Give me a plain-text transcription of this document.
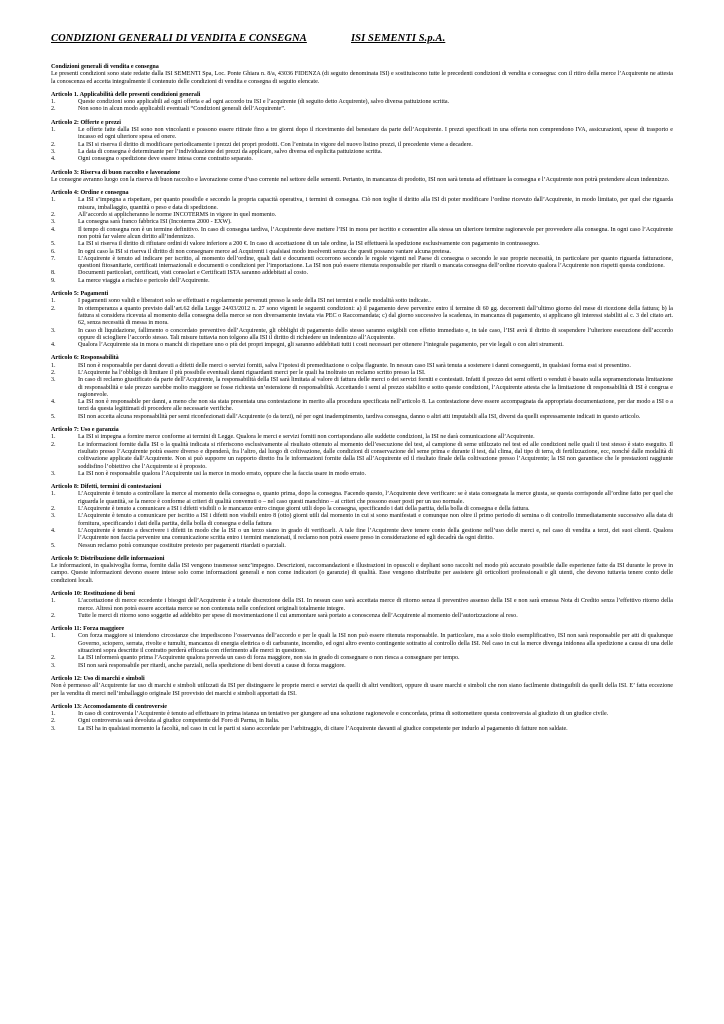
CONDIZIONI GENERALI DI VENDITA E CONSEGNA	ISI SEMENTI S.p.A.
Condizioni generali di vendita e consegna
Le presenti condizioni sono state redatte dalla ISI SEMENTI Spa, Loc. Ponte Ghiara n. 8/a, 43036 FIDENZA (di seguito denominata ISI) e sostituiscono tutte le precedenti condizioni di vendita e consegna: con il ritiro della merce l’Acquirente ne attesta la conoscenza ed accetta integralmente il contenuto delle condizioni di vendita e consegna di seguito elencate.
Articolo 1. Applicabilità delle presenti condizioni generali
1.	Queste condizioni sono applicabili ad ogni offerta e ad ogni accordo tra ISI e l’acquirente (di seguito detto Acquirente), salvo diversa pattuizione scritta.
2.	Non sono in alcun modo applicabili eventuali “Condizioni generali dell’Acquirente”.
Articolo 2: Offerte e prezzi
1.	Le offerte fatte dalla ISI sono non vincolanti e possono essere ritirate fino a tre giorni dopo il ricevimento del benestare da parte dell’Acquirente. I prezzi specificati in una offerta non comprendono IVA, assicurazioni, spese di trasporto e incasso ed ogni ulteriore spesa ed onere.
2.	La ISI si riserva il diritto di modificare periodicamente i prezzi dei propri prodotti. Con l’entrata in vigore del nuovo listino prezzi, il precedente viene a decadere.
3.	La data di consegna è determinante per l’individuazione dei prezzi da applicare, salvo diversa ed esplicita pattuizione scritta.
4.	Ogni consegna o spedizione deve essere intesa come contratto separato.
Articolo 3: Riserva di buon raccolto e lavorazione
Le consegne avranno luogo con la riserva di buon raccolto e lavorazione come d’uso corrente nel settore delle sementi. Pertanto, in mancanza di prodotto, ISI non sarà tenuta ad effettuare la consegna e l’Acquirente non potrà pretendere alcun indennizzo.
Articolo 4: Ordine e consegna
1.	La ISI s’impegna a rispettare, per quanto possibile e secondo la propria capacità operativa, i termini di consegna. Ciò non toglie il diritto alla ISI di poter modificare l’ordine ricevuto dall’Acquirente, in modo limitato, per quel che riguarda misura, imballaggio, quantità o peso e data di spedizione.
2.	All’accordo si applicheranno le norme INCOTERMS in vigore in quel momento.
3.	La consegna sarà franco fabbrica ISI (Incoterms 2000 - EXW).
4.	Il tempo di consegna non è un termine definitivo. In caso di consegna tardiva, l’Acquirente deve mettere l’ISI in mora per iscritto e consentire alla stessa un ulteriore termine ragionevole per provvedere alla consegna. In ogni caso l’Acquirente non potrà far valere alcun diritto all’indennizzo.
5.	La ISI si riserva il diritto di rifiutare ordini di valore inferiore a 200 €. In caso di accettazione di un tale ordine, la ISI effettuerà la spedizione esclusivamente con pagamento in contrassegno.
6.	In ogni caso la ISI si riserva il diritto di non consegnare merce ad Acquirenti i qualsiasi modo insolventi senza che questi possano vantare alcuna pretesa.
7.	L’Acquirente è tenuto ad indicare per iscritto, al momento dell’ordine, quali dati e documenti occorrono secondo le regole vigenti nel Paese di consegna o secondo le sue proprie necessità, in particolare per quanto riguarda fatturazione, questioni fitosanitarie, certificati internazionali e documenti o condizioni per l’importazione. La ISI non può essere ritenuta responsabile per ritardi o mancata consegna dell’ordine ricevuto qualora l’Acquirente non rispetti questa condizione.
8.	Documenti particolari, certificati, visti consolari e Certificati ISTA saranno addebitati al costo.
9.	La merce viaggia a rischio e pericolo dell’Acquirente.
Articolo 5: Pagamenti
1.	I pagamenti sono validi e liberatori solo se effettuati e regolarmente pervenuti presso la sede della ISI nei termini e nelle modalità sotto indicate..
2.	In ottemperanza a quanto previsto dall’art.62 della Legge 24/03/2012 n. 27 sono vigenti le seguenti condizioni: a) il pagamento deve pervenire entro il termine di 60 gg. decorrenti dall’ultimo giorno del mese di ricezione della fattura; b) la fattura si considera ricevuta al momento della consegna della merce se non diversamente inviata via PEC o Raccomandata; c) dal giorno successivo la scadenza, in mancanza di pagamento, si applicano gli interessi stabiliti al c. 3 del citato art. 62, senza necessità di messa in mora.
3.	In caso di liquidazione, fallimento o concordato preventivo dell’Acquirente, gli obblighi di pagamento dello stesso saranno esigibili con effetto immediato e, in tale caso, l’ISI avrà il diritto di sospendere l’ulteriore esecuzione dell’accordo oppure di scioglierе l’accordo stesso. Tali misure tuttavia non tolgono alla ISI il diritto di richiedere un indennizzo all’Acquirente.
4.	Qualora l’Acquirente sia in mora o manchi di rispettare uno o più dei propri impegni, gli saranno addebitati tutti i costi necessari per ottenere l’integrale pagamento, per vie legali o con altri strumenti.
Articolo 6: Responsabilità
1.	ISI non è responsabile per danni dovuti a difetti delle merci o servizi forniti, salva l’ipotesi di premeditazione o colpa flagrante. In nessun caso ISI sarà tenuta a sostenere i danni conseguenti, in qualsiasi forma essi si presentino.
2.	L’Acquirente ha l’obbligo di limitare il più possibile eventuali danni riguardanti merci per le quali ha inoltrato un reclamo scritto presso la ISI.
3.	In caso di reclamo giustificato da parte dell’Acquirente, la responsabilità della ISI sarà limitata al valore di fattura delle merci o dei servizi forniti e contestati. Infatti il prezzo dei semi offerti o venduti è basato sulla sopramenzionata limitazione di responsabilità e tale prezzo sarebbe molto maggiore se fosse richiesta un’estensione di responsabilità. Accettando i semi al prezzo stabilito e sotto queste condizioni, l’Acquirente attesta che la limitazione di responsabilità di ISI è congrua e ragionevole.
4.	La ISI non è responsabile per danni, a meno che non sia stata presentata una contestazione in merito alla procedura specificata nell’articolo 8. La contestazione deve essere accompagnata da appropriata documentazione, per dar modo a ISI o a terzi da questa legittimati di procedere alle necessarie verifiche.
5.	ISI non accetta alcuna responsabilità per semi riconfezionati dall’Acquirente (o da terzi), né per ogni inadempimento, tardiva consegna, danno o altri atti imputabili alla ISI, diversi da quelli espressamente indicati in questo articolo.
Articolo 7: Uso e garanzia
1.	La ISI si impegna a fornire merce conforme ai termini di Legge. Qualora le merci e servizi forniti non corrispondano alle suddette condizioni, la ISI ne darà comunicazione all’Acquirente.
2.	Le informazioni fornite dalla ISI o la qualità indicata si riferiscono esclusivamente al risultato ottenuto al momento dell’esecuzione del test, al campione di seme utilizzato nel test ed alle condizioni nelle quali il test stesso è stato eseguito. Il risultato presso l’Acquirente potrà essere diverso e dipenderà, fra l’altro, dal luogo di coltivazione, dalle condizioni di conservazione del seme prima e durante il test, dal clima, dal tipo di terra, di fertilizzazione, ecc, nonché dalle modalità di coltivazione applicate dall’Acquirente. Non si può supporre un rapporto diretto fra le informazioni fornite dalla ISI all’Acquirente ed il risultato finale della coltivazione presso l’Acquirente; la ISI non garantisce che le prestazioni raggiunte soddisfino l’obiettivo che l’Acquirente si è proposto.
3.	La ISI non è responsabile qualora l’Acquirente usi la merce in modo errato, oppure che la faccia usare in modo errato.
Articolo 8: Difetti, termini di contestazioni
1.	L’Acquirente è tenuto a controllare la merce al momento della consegna o, quanto prima, dopo la consegna. Facendo questo, l’Acquirente deve verificare: se è stata consegnata la merce giusta, se questa corrisponde all’ordine fatto per quel che riguarda le quantità, se la merce è conforme ai criteri di qualità convenuti o – nel caso questi manchino – ai criteri che possono esser posti per un uso normale.
2.	L’Acquirente è tenuto a comunicare a ISI i difetti visibili o le mancanze entro cinque giorni utili dopo la consegna, specificando i dati della partita, della bolla di consegna e della fattura.
3.	L’Acquirente è tenuto a comunicare per iscritto a ISI i difetti non visibili entro 8 (otto) giorni utili dal momento in cui si sono manifestati e comunque non oltre il primo periodo di semina o di controllo immediatamente successivo alla data di fornitura, specificando i dati della partita, della bolla di consegna e della fattura
4.	L’Acquirente è tenuto a descrivere i difetti in modo che la ISI o un terzo siano in grado di verificarli. A tale fine l’Acquirente deve tenere conto della gestione nell’uso delle merci e, nel caso di vendita a terzi, dei suoi clienti. Qualora l’Acquirente non faccia pervenire una comunicazione scritta entro i termini menzionati, il reclamo non potrà essere preso in considerazione ed egli decadrà da ogni diritto.
5.	Nessun reclamo potrà comunque costituire pretesto per pagamenti ritardati o parziali.
Articolo 9: Distribuzione delle informazioni
Le informazioni, in qualsivoglia forma, fornite dalla ISI vengono trasmesse senz’impegno. Descrizioni, raccomandazioni e illustrazioni in opuscoli e depliant sono raccolti nel modo più accurato possibile dalle esperienze fatte da ISI durante le prove in campo. Queste informazioni devono essere intese solo come informazioni generali e non come indicatori (o garanzie) di qualità. Esse vengono distribuite per assistere gli orticoltori professionali e gli utenti, che devono tuttavia tenere conto delle condizioni locali.
Articolo 10: Restituzione di beni
1.	L’accettazione di merce eccedente i bisogni dell’Acquirente è a totale discrezione della ISI. In nessun caso sarà accettata merce di ritorno senza il preventivo assenso della ISI e non sarà emessa Nota di Credito senza l’effettivo ritorno della merce. Altresì non potrà essere accettata merce se non contenuta nelle confezioni originali totalmente integre.
2.	Tutte le merci di ritorno sono soggette ad addebito per spese di movimentazione il cui ammontare sarà portato a conoscenza dell’Acquirente al momento dell’autorizzazione al reso.
Articolo 11: Forza maggiore
1.	Con forza maggiore si intendono circostanze che impediscono l’osservanza dell’accordo e per le quali la ISI non può essere ritenuta responsabile. In particolare, ma a solo titolo esemplificativo, ISI non sarà responsabile per atti di qualunque Governo, sciopero, serrata, rivolte e tumulti, mancanza di energia elettrica o di carburante, incendio, ed ogni altro evento contingente sottratto al controllo della ISI. Nel caso in cui la merce divenga inidonea alla spedizione a causa di una delle situazioni sopra descritte il contratto perderà efficacia con riferimento alle merci in questione.
2.	La ISI informerà quanto prima l’Acquirente qualora preveda un caso di forza maggiore, non sia in grado di consegnare o non riesca a consegnare per tempo.
3.	ISI non sarà responsabile per ritardi, anche parziali, nella spedizione di beni dovuti a cause di forza maggiore.
Articolo 12: Uso di marchi e simboli
Non è permesso all’Acquirente far uso di marchi e simboli utilizzati da ISI per distinguere le proprie merci e servizi da quelli di altri venditori, oppure di usare marchi e simboli che non siano facilmente distinguibili da quelli della ISI. E’ fatta eccezione per la vendita di merci nell’imballaggio originale ISI provvisto dei marchi e simboli apportati da ISI.
Articolo 13: Accomodamento di controversie
1.	In caso di controversia l’Acquirente è tenuto ad effettuare in prima istanza un tentativo per giungere ad una soluzione ragionevole e concordata, prima di sottomettere questa controversia al giudizio di un giudice civile.
2.	Ogni controversia sarà devoluta al giudice competente del Foro di Parma, in Italia.
3.	La ISI ha in qualsiasi momento la facoltà, nel caso in cui le parti si siano accordate per l’arbitraggio, di citare l’Acquirente davanti al giudice competente per indurlo al pagamento di fatture non saldate.
